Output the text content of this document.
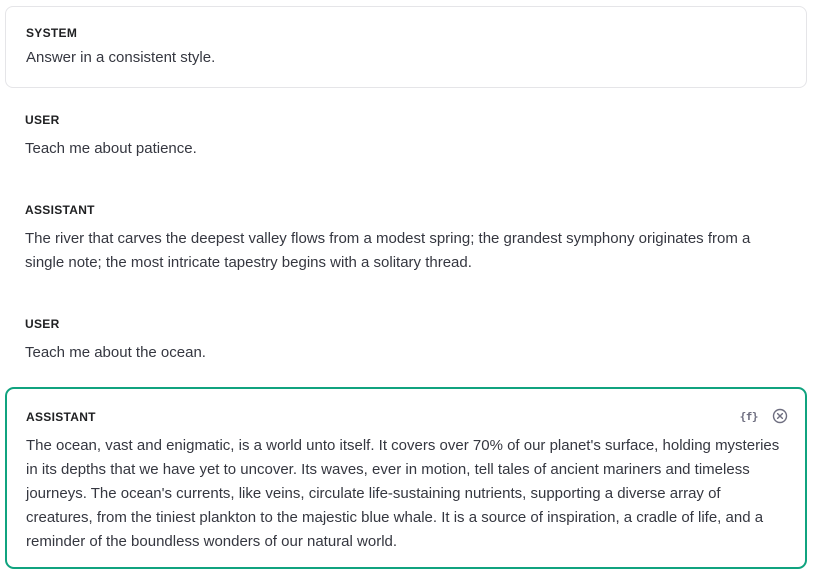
SYSTEM
Answer in a consistent style.
USER
Teach me about patience.
ASSISTANT
The river that carves the deepest valley flows from a modest spring; the grandest symphony originates from a single note; the most intricate tapestry begins with a solitary thread.
USER
Teach me about the ocean.
ASSISTANT	{f}
The ocean, vast and enigmatic, is a world unto itself. It covers over 70% of our planet's surface, holding mysteries in its depths that we have yet to uncover. Its waves, ever in motion, tell tales of ancient mariners and timeless journeys. The ocean's currents, like veins, circulate life-sustaining nutrients, supporting a diverse array of creatures, from the tiniest plankton to the majestic blue whale. It is a source of inspiration, a cradle of life, and a reminder of the boundless wonders of our natural world.
